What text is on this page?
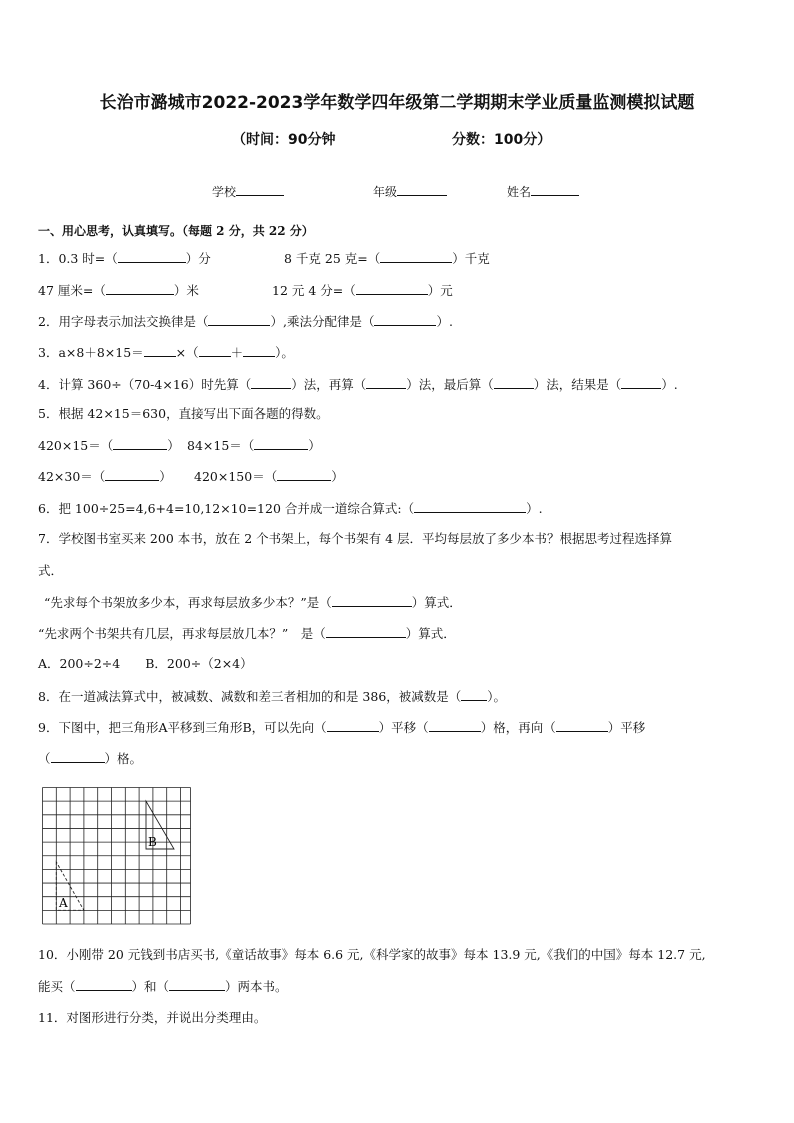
长治市潞城市2022-2023学年数学四年级第二学期期末学业质量监测模拟试题
（时间：90分钟	分数：100分）
学校	年级	姓名
一、用心思考，认真填写。（每题 2 分，共 22 分）
1．0.3 时=（	）分	8 千克 25 克=（	）千克
47 厘米=（	）米	12 元 4 分=（	）元
2．用字母表示加法交换律是（	）,乘法分配律是（	）.
3．a×8＋8×15＝	×（	＋	）。
4．计算 360÷（70-4×16）时先算（	）法，再算（	）法，最后算（	）法，结果是（	）.
5．根据 42×15＝630，直接写出下面各题的得数。
420×15＝（	） 84×15＝（	）
42×30＝（	） 420×150＝（	）
6．把 100÷25=4,6+4=10,12×10=120 合并成一道综合算式:（	）.
7．学校图书室买来 200 本书，放在 2 个书架上，每个书架有 4 层．平均每层放了多少本书？根据思考过程选择算
式．
“先求每个书架放多少本，再求每层放多少本？”是（	）算式．
“先求两个书架共有几层，再求每层放几本？”　是（	）算式．
A．200÷2÷4　　B．200÷（2×4）
8．在一道减法算式中，被减数、减数和差三者相加的和是 386，被减数是（ ）。
9．下图中，把三角形A平移到三角形B，可以先向（	）平移（	）格，再向（	）平移
（	）格。
A
B
10．小刚带 20 元钱到书店买书,《童话故事》每本 6.6 元,《科学家的故事》每本 13.9 元,《我们的中国》每本 12.7 元,
能买（	）和（	）两本书。
11．对图形进行分类，并说出分类理由。
